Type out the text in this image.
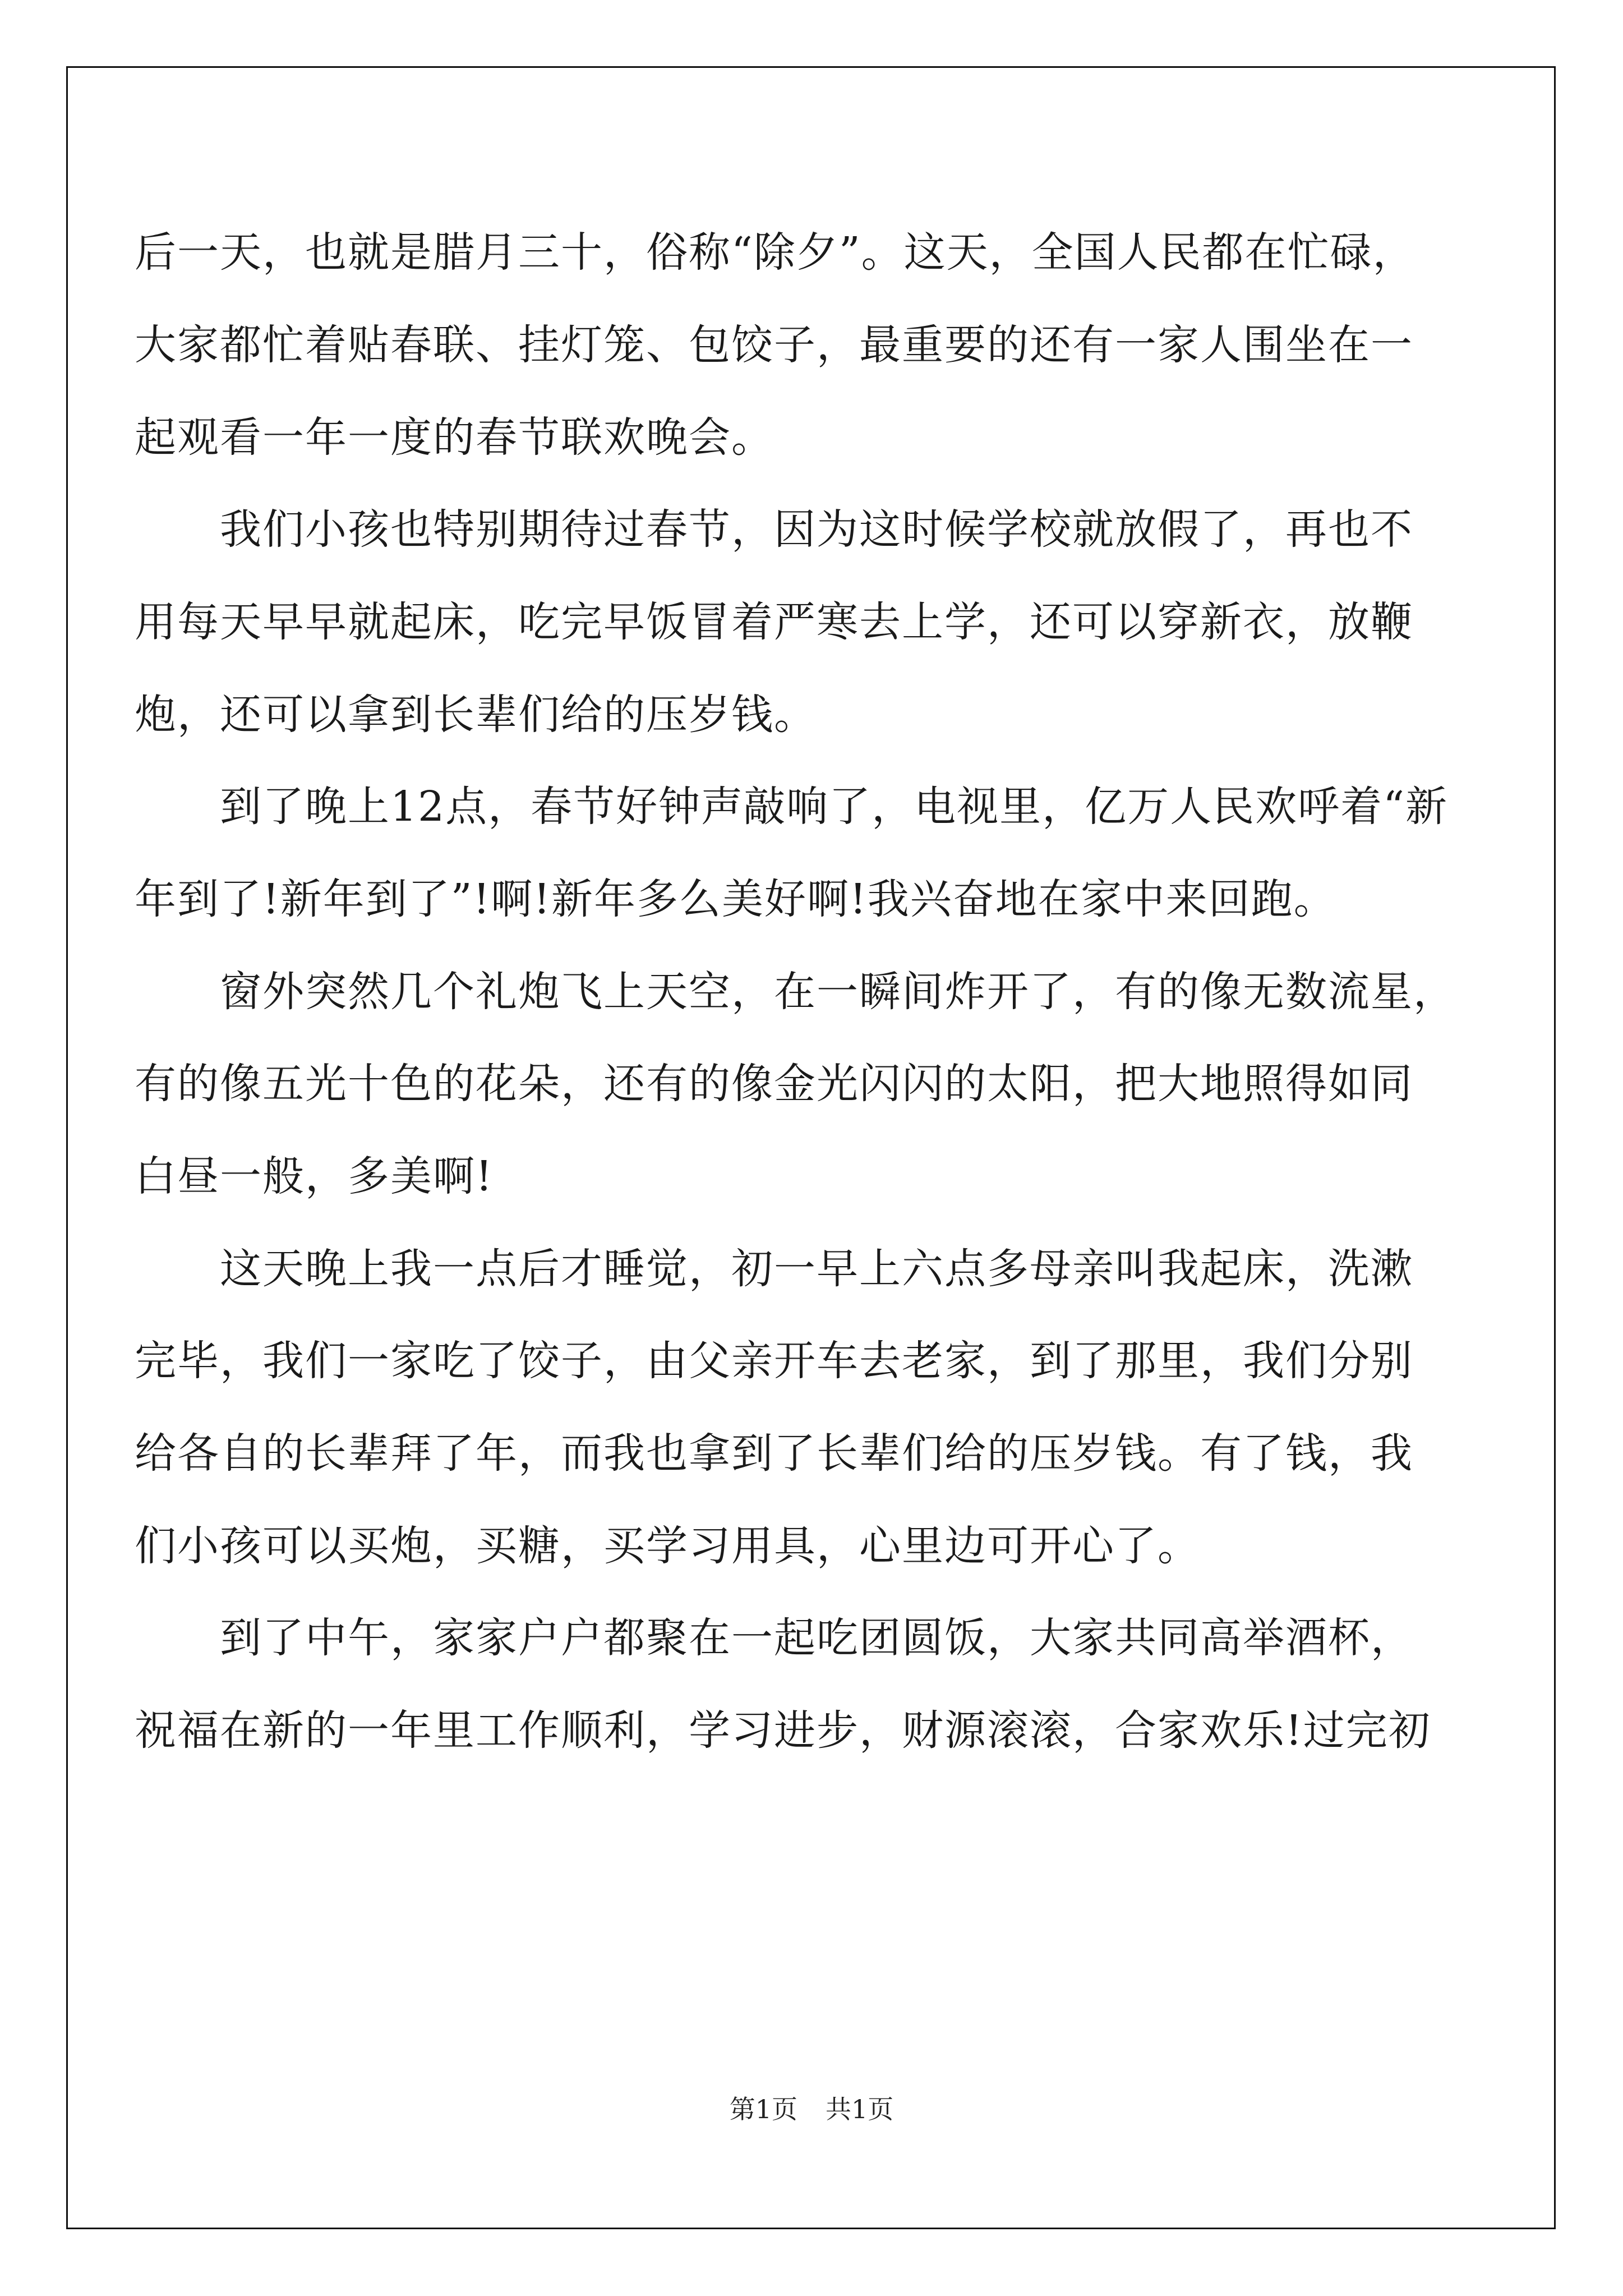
后一天，也就是腊月三十，俗称“除夕”。这天，全国人民都在忙碌，
大家都忙着贴春联、挂灯笼、包饺子，最重要的还有一家人围坐在一
起观看一年一度的春节联欢晚会。
　　我们小孩也特别期待过春节，因为这时候学校就放假了，再也不
用每天早早就起床，吃完早饭冒着严寒去上学，还可以穿新衣，放鞭
炮，还可以拿到长辈们给的压岁钱。
　　到了晚上12点，春节好钟声敲响了，电视里，亿万人民欢呼着“新
年到了!新年到了”!啊!新年多么美好啊!我兴奋地在家中来回跑。
　　窗外突然几个礼炮飞上天空，在一瞬间炸开了，有的像无数流星，
有的像五光十色的花朵，还有的像金光闪闪的太阳，把大地照得如同
白昼一般，多美啊!
　　这天晚上我一点后才睡觉，初一早上六点多母亲叫我起床，洗漱
完毕，我们一家吃了饺子，由父亲开车去老家，到了那里，我们分别
给各自的长辈拜了年，而我也拿到了长辈们给的压岁钱。有了钱，我
们小孩可以买炮，买糖，买学习用具，心里边可开心了。
　　到了中午，家家户户都聚在一起吃团圆饭，大家共同高举酒杯，
祝福在新的一年里工作顺利，学习进步，财源滚滚，合家欢乐!过完初
第1页 共1页
